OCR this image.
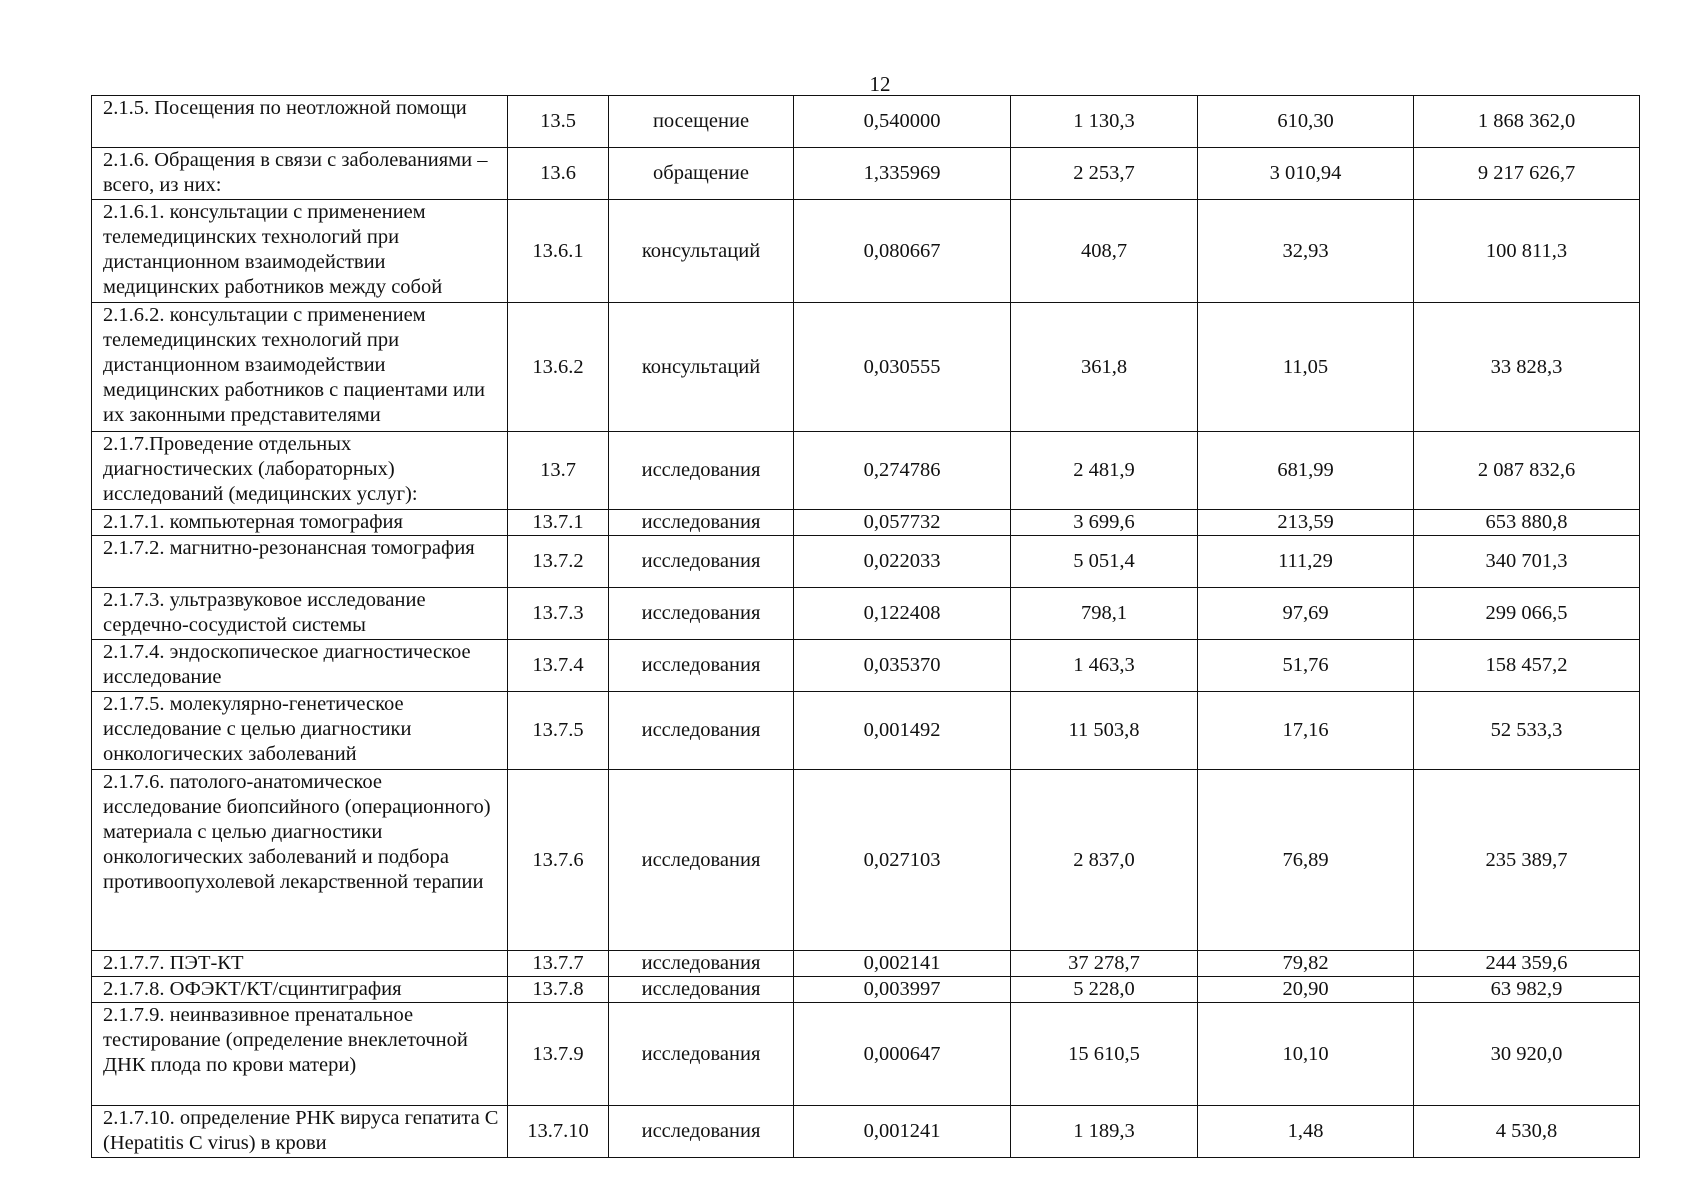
12
2.1.5. Посещения по неотложной помощи	13.5	посещение	0,540000	1 130,3	610,30	1 868 362,0
2.1.6. Обращения в связи с заболеваниями – всего, из них:	13.6	обращение	1,335969	2 253,7	3 010,94	9 217 626,7
2.1.6.1. консультации с применением телемедицинских технологий при дистанционном взаимодействии медицинских работников между собой	13.6.1	консультаций	0,080667	408,7	32,93	100 811,3
2.1.6.2. консультации с применением телемедицинских технологий при дистанционном взаимодействии медицинских работников с пациентами или их законными представителями	13.6.2	консультаций	0,030555	361,8	11,05	33 828,3
2.1.7.Проведение отдельных диагностических (лабораторных) исследований (медицинских услуг):	13.7	исследования	0,274786	2 481,9	681,99	2 087 832,6
2.1.7.1. компьютерная томография	13.7.1	исследования	0,057732	3 699,6	213,59	653 880,8
2.1.7.2. магнитно-резонансная томография	13.7.2	исследования	0,022033	5 051,4	111,29	340 701,3
2.1.7.3. ультразвуковое исследование сердечно-сосудистой системы	13.7.3	исследования	0,122408	798,1	97,69	299 066,5
2.1.7.4. эндоскопическое диагностическое исследование	13.7.4	исследования	0,035370	1 463,3	51,76	158 457,2
2.1.7.5. молекулярно-генетическое исследование с целью диагностики онкологических заболеваний	13.7.5	исследования	0,001492	11 503,8	17,16	52 533,3
2.1.7.6. патолого-анатомическое исследование биопсийного (операционного) материала с целью диагностики онкологических заболеваний и подбора противоопухолевой лекарственной терапии	13.7.6	исследования	0,027103	2 837,0	76,89	235 389,7
2.1.7.7. ПЭТ-КТ	13.7.7	исследования	0,002141	37 278,7	79,82	244 359,6
2.1.7.8. ОФЭКТ/КТ/сцинтиграфия	13.7.8	исследования	0,003997	5 228,0	20,90	63 982,9
2.1.7.9. неинвазивное пренатальное тестирование (определение внеклеточной ДНК плода по крови матери)	13.7.9	исследования	0,000647	15 610,5	10,10	30 920,0
2.1.7.10. определение РНК вируса гепатита С (Hepatitis C virus) в крови	13.7.10	исследования	0,001241	1 189,3	1,48	4 530,8
